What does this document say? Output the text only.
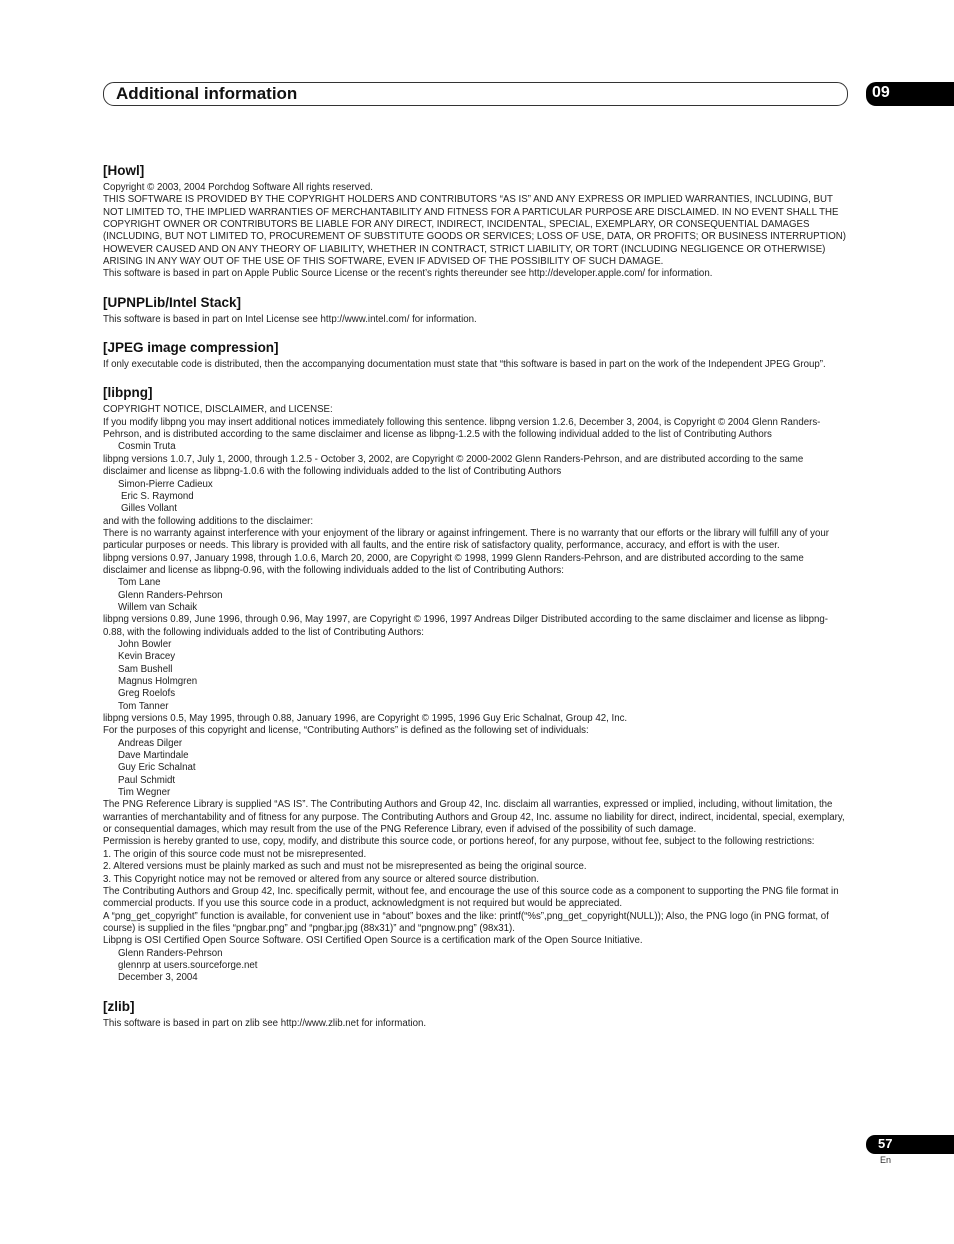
Additional information	09
[Howl]

Copyright © 2003, 2004 Porchdog Software All rights reserved.

THIS SOFTWARE IS PROVIDED BY THE COPYRIGHT HOLDERS AND CONTRIBUTORS “AS IS” AND ANY EXPRESS OR IMPLIED WARRANTIES, INCLUDING, BUT NOT LIMITED TO, THE IMPLIED WARRANTIES OF MERCHANTABILITY AND FITNESS FOR A PARTICULAR PURPOSE ARE DISCLAIMED. IN NO EVENT SHALL THE COPYRIGHT OWNER OR CONTRIBUTORS BE LIABLE FOR ANY DIRECT, INDIRECT, INCIDENTAL, SPECIAL, EXEMPLARY, OR CONSEQUENTIAL DAMAGES (INCLUDING, BUT NOT LIMITED TO, PROCUREMENT OF SUBSTITUTE GOODS OR SERVICES; LOSS OF USE, DATA, OR PROFITS; OR BUSINESS INTERRUPTION) HOWEVER CAUSED AND ON ANY THEORY OF LIABILITY, WHETHER IN CONTRACT, STRICT LIABILITY, OR TORT (INCLUDING NEGLIGENCE OR OTHERWISE) ARISING IN ANY WAY OUT OF THE USE OF THIS SOFTWARE, EVEN IF ADVISED OF THE POSSIBILITY OF SUCH DAMAGE.

This software is based in part on Apple Public Source License or the recent’s rights thereunder see http://developer.apple.com/ for information.

[UPNPLib/Intel Stack]

This software is based in part on Intel License see http://www.intel.com/ for information.

[JPEG image compression]

If only executable code is distributed, then the accompanying documentation must state that “this software is based in part on the work of the Independent JPEG Group”.

[libpng]

COPYRIGHT NOTICE, DISCLAIMER, and LICENSE:

If you modify libpng you may insert additional notices immediately following this sentence. libpng version 1.2.6, December 3, 2004, is Copyright © 2004 Glenn Randers-Pehrson, and is distributed according to the same disclaimer and license as libpng-1.2.5 with the following individual added to the list of Contributing Authors

Cosmin Truta

libpng versions 1.0.7, July 1, 2000, through 1.2.5 - October 3, 2002, are Copyright © 2000-2002 Glenn Randers-Pehrson, and are distributed according to the same disclaimer and license as libpng-1.0.6 with the following individuals added to the list of Contributing Authors

Simon-Pierre Cadieux

Eric S. Raymond

Gilles Vollant

and with the following additions to the disclaimer:

There is no warranty against interference with your enjoyment of the library or against infringement. There is no warranty that our efforts or the library will fulfill any of your particular purposes or needs. This library is provided with all faults, and the entire risk of satisfactory quality, performance, accuracy, and effort is with the user.

libpng versions 0.97, January 1998, through 1.0.6, March 20, 2000, are Copyright © 1998, 1999 Glenn Randers-Pehrson, and are distributed according to the same disclaimer and license as libpng-0.96, with the following individuals added to the list of Contributing Authors:

Tom Lane

Glenn Randers-Pehrson

Willem van Schaik

libpng versions 0.89, June 1996, through 0.96, May 1997, are Copyright © 1996, 1997 Andreas Dilger Distributed according to the same disclaimer and license as libpng-0.88, with the following individuals added to the list of Contributing Authors:

John Bowler

Kevin Bracey

Sam Bushell

Magnus Holmgren

Greg Roelofs

Tom Tanner

libpng versions 0.5, May 1995, through 0.88, January 1996, are Copyright © 1995, 1996 Guy Eric Schalnat, Group 42, Inc.

For the purposes of this copyright and license, “Contributing Authors” is defined as the following set of individuals:

Andreas Dilger

Dave Martindale

Guy Eric Schalnat

Paul Schmidt

Tim Wegner

The PNG Reference Library is supplied “AS IS”. The Contributing Authors and Group 42, Inc. disclaim all warranties, expressed or implied, including, without limitation, the warranties of merchantability and of fitness for any purpose. The Contributing Authors and Group 42, Inc. assume no liability for direct, indirect, incidental, special, exemplary, or consequential damages, which may result from the use of the PNG Reference Library, even if advised of the possibility of such damage.

Permission is hereby granted to use, copy, modify, and distribute this source code, or portions hereof, for any purpose, without fee, subject to the following restrictions:

1. The origin of this source code must not be misrepresented.

2. Altered versions must be plainly marked as such and must not be misrepresented as being the original source.

3. This Copyright notice may not be removed or altered from any source or altered source distribution.

The Contributing Authors and Group 42, Inc. specifically permit, without fee, and encourage the use of this source code as a component to supporting the PNG file format in commercial products. If you use this source code in a product, acknowledgment is not required but would be appreciated.

A “png_get_copyright” function is available, for convenient use in “about” boxes and the like: printf(“%s”,png_get_copyright(NULL)); Also, the PNG logo (in PNG format, of course) is supplied in the files “pngbar.png” and “pngbar.jpg (88x31)” and “pngnow.png” (98x31).

Libpng is OSI Certified Open Source Software. OSI Certified Open Source is a certification mark of the Open Source Initiative.

Glenn Randers-Pehrson

glennrp at users.sourceforge.net

December 3, 2004

[zlib]

This software is based in part on zlib see http://www.zlib.net for information.

57
En
